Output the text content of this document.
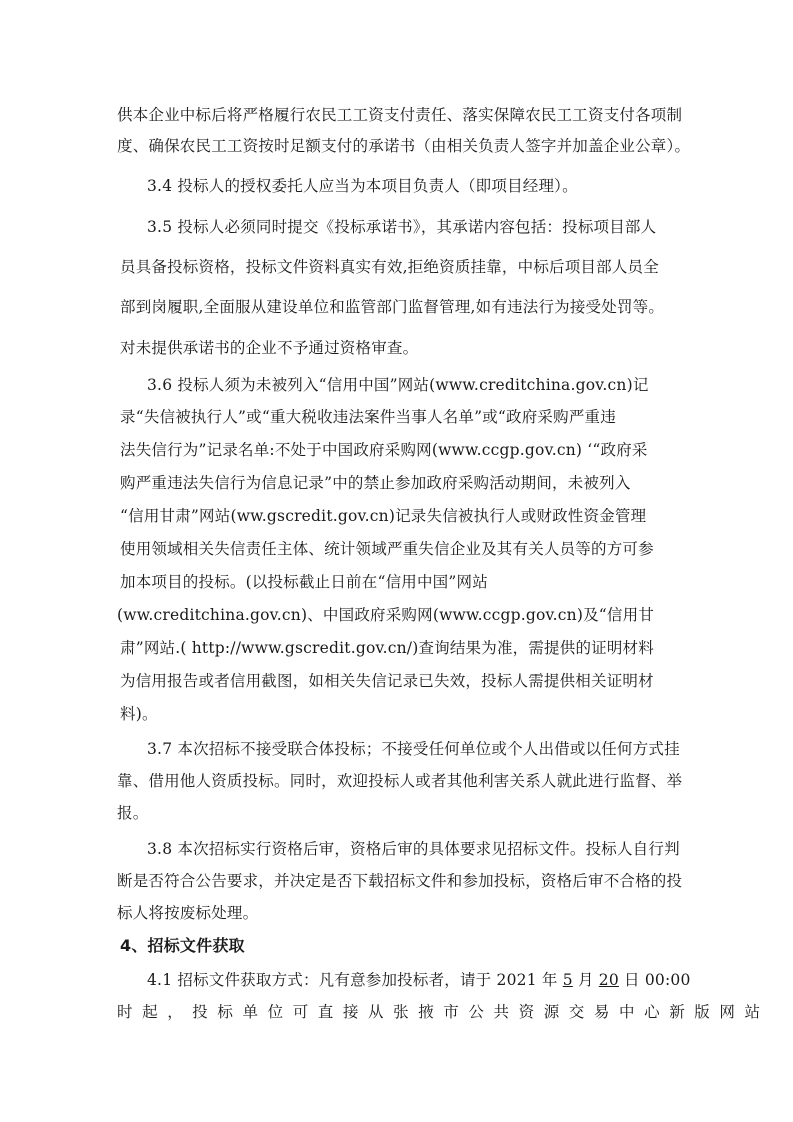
供本企业中标后将严格履行农民工工资支付责任、落实保障农民工工资支付各项制
度、确保农民工工资按时足额支付的承诺书（由相关负责人签字并加盖企业公章）。
3.4 投标人的授权委托人应当为本项目负责人（即项目经理）。
3.5 投标人必须同时提交《投标承诺书》，其承诺内容包括：投标项目部人
员具备投标资格，投标文件资料真实有效,拒绝资质挂靠，中标后项目部人员全
部到岗履职,全面服从建设单位和监管部门监督管理,如有违法行为接受处罚等。
对未提供承诺书的企业不予通过资格审查。
3.6 投标人须为未被列入“信用中国”网站(www.creditchina.gov.cn)记
录“失信被执行人”或“重大税收违法案件当事人名单”或“政府采购严重违
法失信行为”记录名单:不处于中国政府采购网(www.ccgp.gov.cn) ‘“政府采
购严重违法失信行为信息记录”中的禁止参加政府采购活动期间，未被列入
“信用甘肃”网站(ww.gscredit.gov.cn)记录失信被执行人或财政性资金管理
使用领域相关失信责任主体、统计领域严重失信企业及其有关人员等的方可参
加本项目的投标。(以投标截止日前在“信用中国”网站
(ww.creditchina.gov.cn)、中国政府采购网(www.ccgp.gov.cn)及“信用甘
肃”网站.( http://www.gscredit.gov.cn/)查询结果为准，需提供的证明材料
为信用报告或者信用截图，如相关失信记录已失效，投标人需提供相关证明材
料)。
3.7 本次招标不接受联合体投标；不接受任何单位或个人出借或以任何方式挂
靠、借用他人资质投标。同时，欢迎投标人或者其他利害关系人就此进行监督、举
报。
3.8 本次招标实行资格后审，资格后审的具体要求见招标文件。投标人自行判
断是否符合公告要求，并决定是否下载招标文件和参加投标，资格后审不合格的投
标人将按废标处理。
4、招标文件获取
4.1 招标文件获取方式：凡有意参加投标者，请于 2021 年 5 月 20 日 00:00
时起，投标单位可直接从张掖市公共资源交易中心新版网站
